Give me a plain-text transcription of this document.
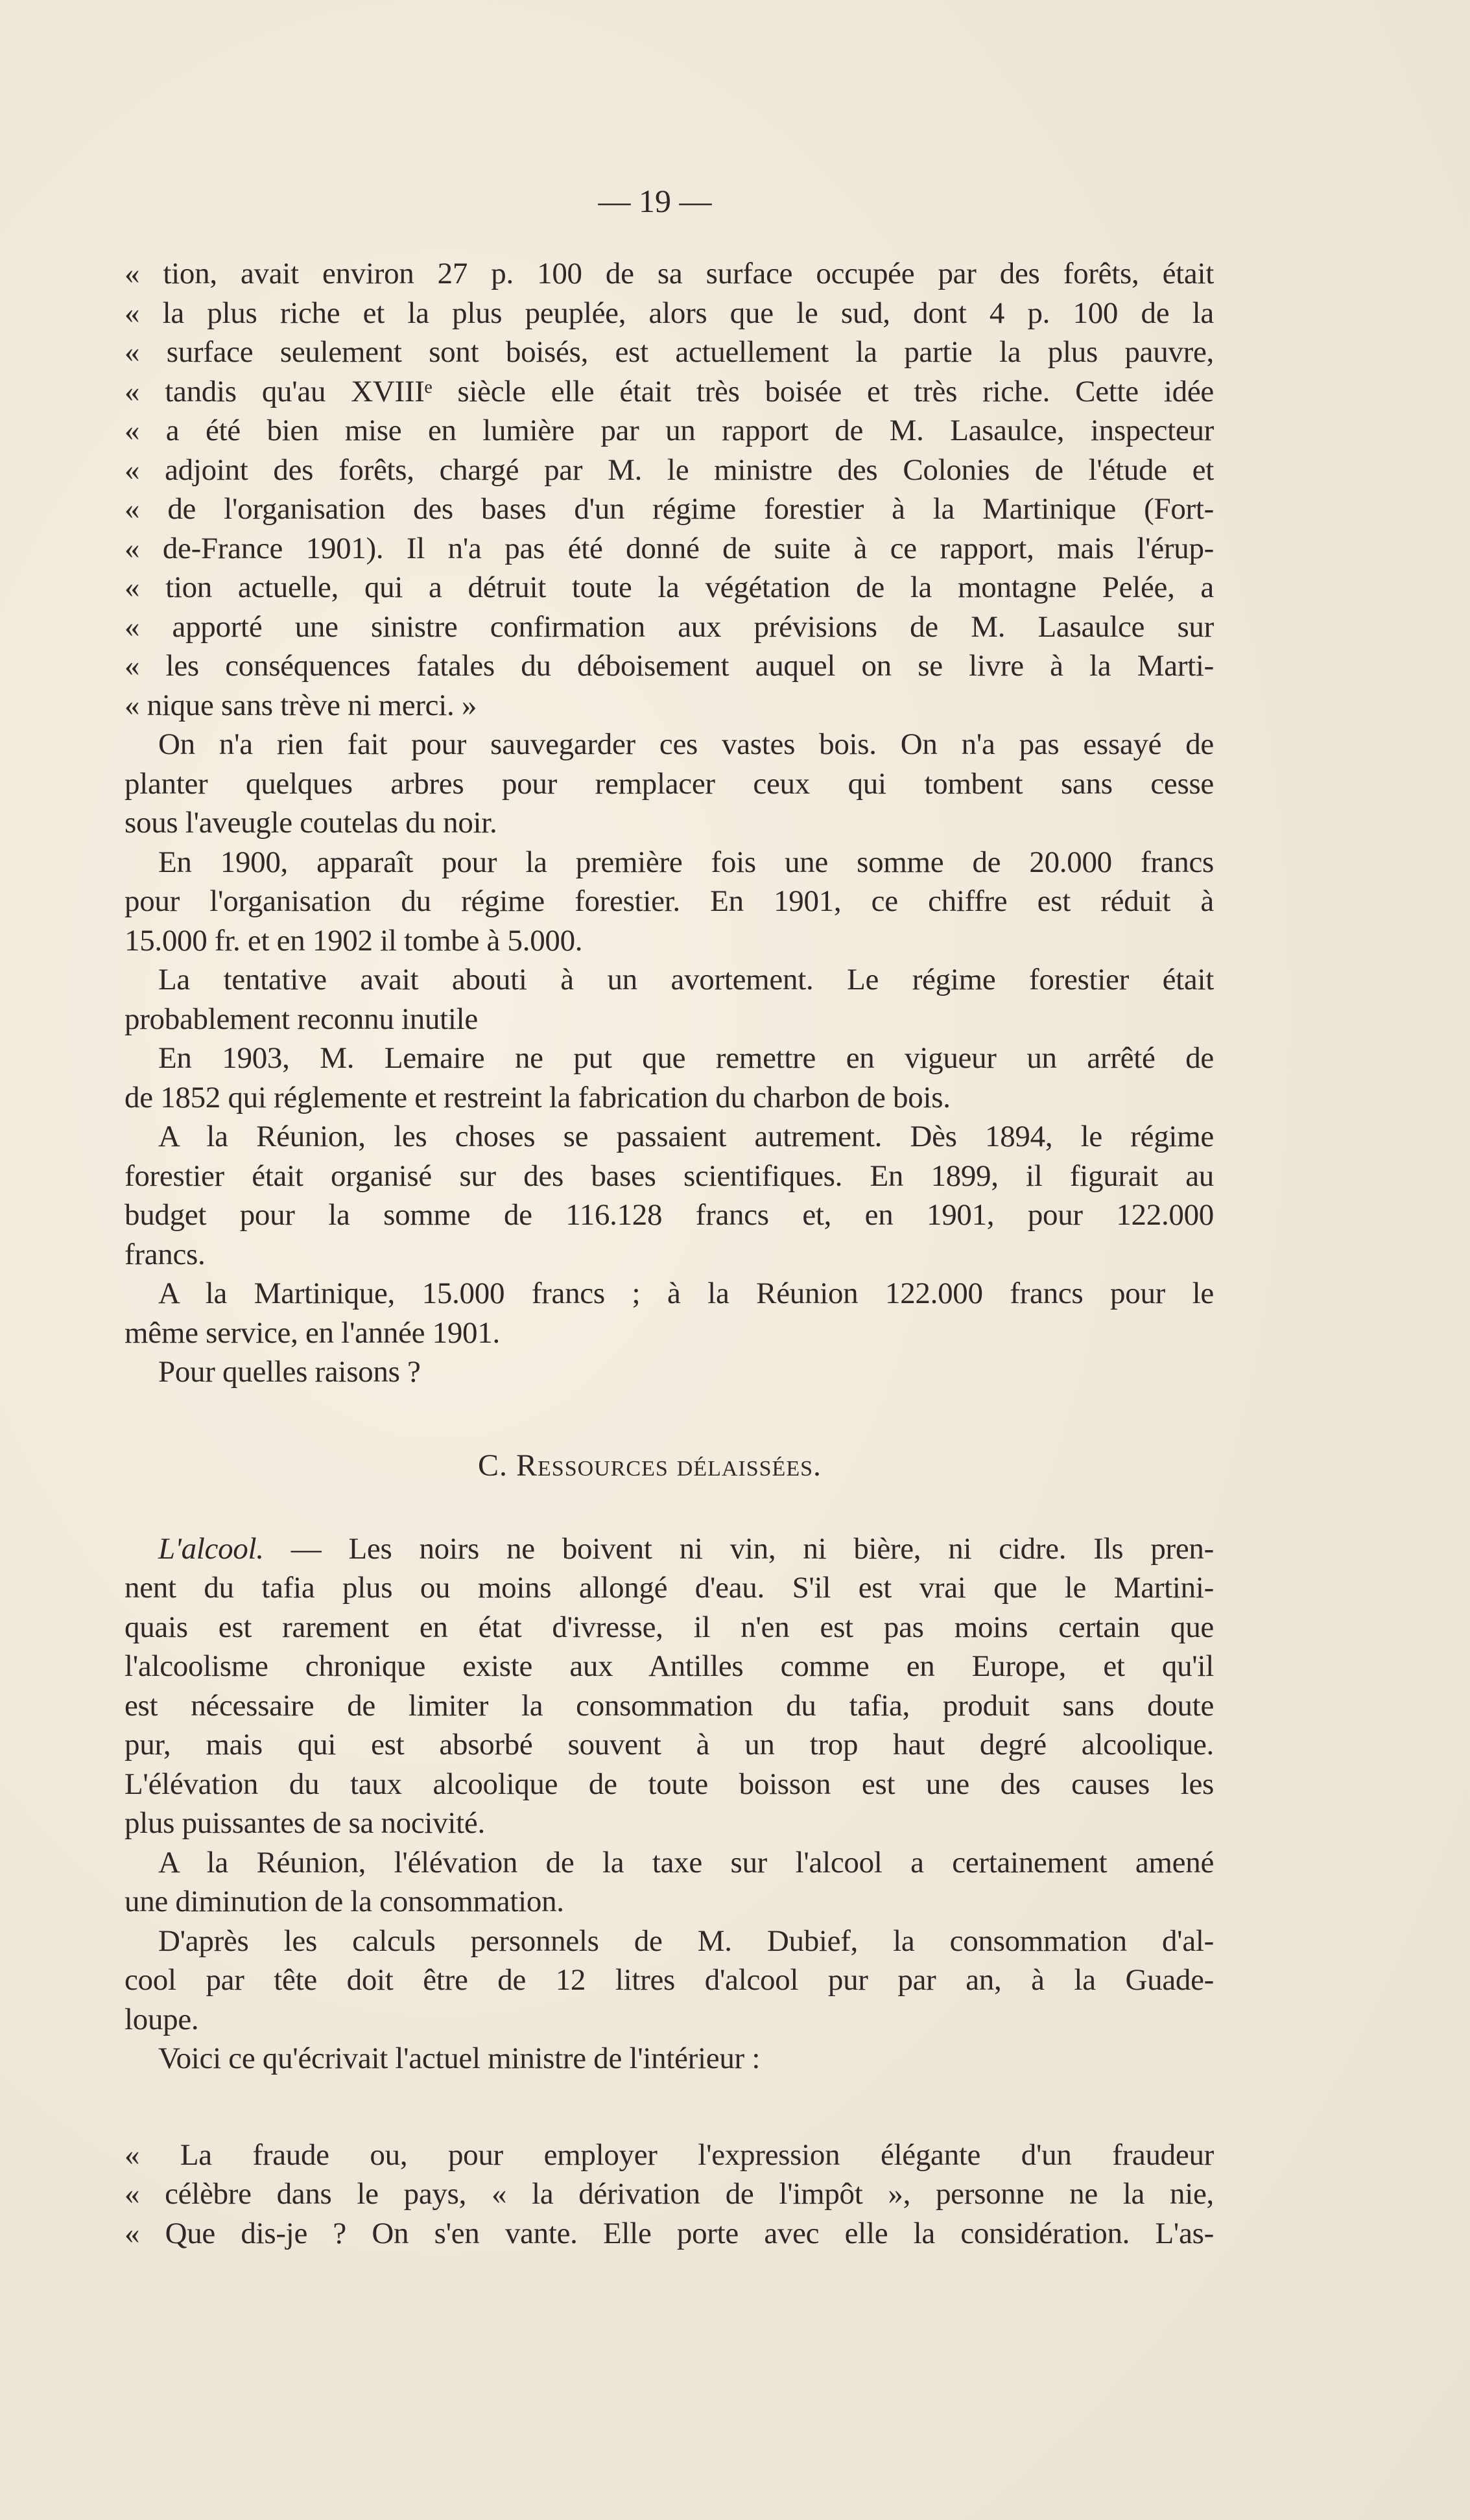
— 19 —
« tion, avait environ 27 p. 100 de sa surface occupée par des forêts, était
« la plus riche et la plus peuplée, alors que le sud, dont 4 p. 100 de la
« surface seulement sont boisés, est actuellement la partie la plus pauvre,
« tandis qu'au XVIIIᵉ siècle elle était très boisée et très riche. Cette idée
« a été bien mise en lumière par un rapport de M. Lasaulce, inspecteur
« adjoint des forêts, chargé par M. le ministre des Colonies de l'étude et
« de l'organisation des bases d'un régime forestier à la Martinique (Fort-
« de-France 1901). Il n'a pas été donné de suite à ce rapport, mais l'érup-
« tion actuelle, qui a détruit toute la végétation de la montagne Pelée, a
« apporté une sinistre confirmation aux prévisions de M. Lasaulce sur
« les conséquences fatales du déboisement auquel on se livre à la Marti-
« nique sans trève ni merci. »
On n'a rien fait pour sauvegarder ces vastes bois. On n'a pas essayé de
planter quelques arbres pour remplacer ceux qui tombent sans cesse
sous l'aveugle coutelas du noir.
En 1900, apparaît pour la première fois une somme de 20.000 francs
pour l'organisation du régime forestier. En 1901, ce chiffre est réduit à
15.000 fr. et en 1902 il tombe à 5.000.
La tentative avait abouti à un avortement. Le régime forestier était
probablement reconnu inutile
En 1903, M. Lemaire ne put que remettre en vigueur un arrêté de
de 1852 qui réglemente et restreint la fabrication du charbon de bois.
A la Réunion, les choses se passaient autrement. Dès 1894, le régime
forestier était organisé sur des bases scientifiques. En 1899, il figurait au
budget pour la somme de 116.128 francs et, en 1901, pour 122.000
francs.
A la Martinique, 15.000 francs ; à la Réunion 122.000 francs pour le
même service, en l'année 1901.
Pour quelles raisons ?
C. Ressources délaissées.
L'alcool. — Les noirs ne boivent ni vin, ni bière, ni cidre. Ils pren-
nent du tafia plus ou moins allongé d'eau. S'il est vrai que le Martini-
quais est rarement en état d'ivresse, il n'en est pas moins certain que
l'alcoolisme chronique existe aux Antilles comme en Europe, et qu'il
est nécessaire de limiter la consommation du tafia, produit sans doute
pur, mais qui est absorbé souvent à un trop haut degré alcoolique.
L'élévation du taux alcoolique de toute boisson est une des causes les
plus puissantes de sa nocivité.
A la Réunion, l'élévation de la taxe sur l'alcool a certainement amené
une diminution de la consommation.
D'après les calculs personnels de M. Dubief, la consommation d'al-
cool par tête doit être de 12 litres d'alcool pur par an, à la Guade-
loupe.
Voici ce qu'écrivait l'actuel ministre de l'intérieur :
« La fraude ou, pour employer l'expression élégante d'un fraudeur
« célèbre dans le pays, « la dérivation de l'impôt », personne ne la nie,
« Que dis-je ? On s'en vante. Elle porte avec elle la considération. L'as-
